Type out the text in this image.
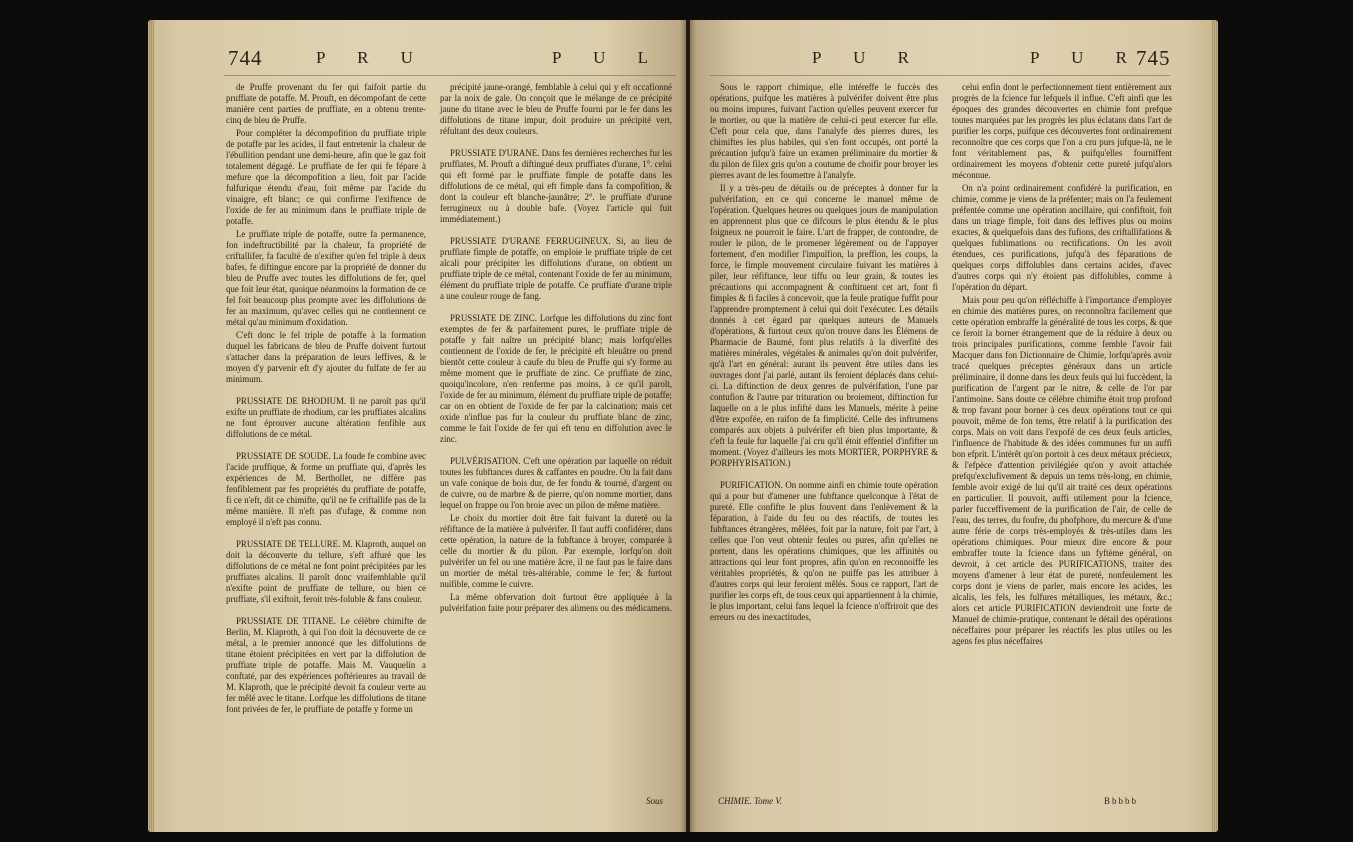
744	P R U	P U L

de Pruffe provenant du fer qui faifoit partie du pruffiate de potaffe. M. Prouft, en décompofant de cette manière cent parties de pruffiate, en a obtenu trente-cinq de bleu de Pruffe.

Pour compléter la décompofition du pruffiate triple de potaffe par les acides, il faut entretenir la chaleur de l'ébullition pendant une demi-heure, afin que le gaz foit totalement dégagé. Le pruffiate de fer qui fe fépare à mefure que la décompofition a lieu, foit par l'acide fulfurique étendu d'eau, foit même par l'acide du vinaigre, eft blanc; ce qui confirme l'exiftence de l'oxide de fer au minimum dans le pruffiate triple de potaffe.

Le pruffiate triple de potaffe, outre fa permanence, fon indeftructibilité par la chaleur, fa propriété de criftallifer, fa faculté de n'exifter qu'en fel triple à deux bafes, fe diftingue encore par la propriété de donner du bleu de Pruffe avec toutes les diffolutions de fer, quel que foit leur état, quoique néanmoins la formation de ce fel foit beaucoup plus prompte avec les diffolutions de fer au maximum, qu'avec celles qui ne contiennent ce métal qu'au minimum d'oxidation.

C'eft donc le fel triple de potaffe à la formation duquel les fabricans de bleu de Pruffe doivent furtout s'attacher dans la préparation de leurs leffives, & le moyen d'y parvenir eft d'y ajouter du fulfate de fer au minimum.

PRUSSIATE DE RHODIUM. Il ne paroît pas qu'il exifte un pruffiate de rhodium, car les pruffiates alcalins ne font éprouver aucune altération fenfible aux diffolutions de ce métal.

PRUSSIATE DE SOUDE. La foude fe combine avec l'acide pruffique, & forme un pruffiate qui, d'après les expériences de M. Berthollet, ne diffère pas fenfiblement par fes propriétés du pruffiate de potaffe, fi ce n'eft, dit ce chimifte, qu'il ne fe criftallife pas de la même manière. Il n'eft pas d'ufage, & comme non employé il n'eft pas connu.

PRUSSIATE DE TELLURE. M. Klaproth, auquel on doit la découverte du tellure, s'eft affuré que les diffolutions de ce métal ne font point précipitées par les pruffiates alcalins. Il paroît donc vraifemblable qu'il n'exifte point de pruffiate de tellure, ou bien ce pruffiate, s'il exiftoit, feroit très-foluble & fans couleur.

PRUSSIATE DE TITANE. Le célèbre chimifte de Berlin, M. Klaproth, à qui l'on doit la découverte de ce métal, a le premier annoncé que les diffolutions de titane étoient précipitées en vert par la diffolution de pruffiate triple de potaffe. Mais M. Vauquelin a conftaté, par des expériences poftérieures au travail de M. Klaproth, que le précipité devoit fa couleur verte au fer mêlé avec le titane. Lorfque les diffolutions de titane font privées de fer, le pruffiate de potaffe y forme un

précipité jaune-orangé, femblable à celui qui y eft occafionné par la noix de gale. On conçoit que le mélange de ce précipité jaune du titane avec le bleu de Pruffe fourni par le fer dans les diffolutions de titane impur, doit produire un précipité vert, réfultant des deux couleurs.

PRUSSIATE D'URANE. Dans fes dernières recherches fur les pruffiates, M. Prouft a diftingué deux pruffiates d'urane, 1°. celui qui eft formé par le pruffiate fimple de potaffe dans les diffolutions de ce métal, qui eft fimple dans fa compofition, & dont la couleur eft blanche-jaunâtre; 2°. le pruffiate d'urane ferrugineux ou à double bafe. (Voyez l'article qui fuit immédiatement.)

PRUSSIATE D'URANE FERRUGINEUX. Si, au lieu de pruffiate fimple de potaffe, on emploie le pruffiate triple de cet alcali pour précipiter les diffolutions d'urane, on obtient un pruffiate triple de ce métal, contenant l'oxide de fer au minimum, élément du pruffiate triple de potaffe. Ce pruffiate d'urane triple a une couleur rouge de fang.

PRUSSIATE DE ZINC. Lorfque les diffolutions du zinc font exemptes de fer & parfaitement pures, le pruffiate triple de potaffe y fait naître un précipité blanc; mais lorfqu'elles contiennent de l'oxide de fer, le précipité eft bleuâtre ou prend bientôt cette couleur à caufe du bleu de Pruffe qui s'y forme au même moment que le pruffiate de zinc. Ce pruffiate de zinc, quoiqu'incolore, n'en renferme pas moins, à ce qu'il paroît, l'oxide de fer au minimum, élément du pruffiate triple de potaffe; car on en obtient de l'oxide de fer par la calcination; mais cet oxide n'influe pas fur la couleur du pruffiate blanc de zinc, comme le fait l'oxide de fer qui eft tenu en diffolution avec le zinc.

PULVÉRISATION. C'eft une opération par laquelle on réduit toutes les fubftances dures & caffantes en poudre. On la fait dans un vafe conique de bois dur, de fer fondu & tourné, d'argent ou de cuivre, ou de marbre & de pierre, qu'on nomme mortier, dans lequel on frappe ou l'on broie avec un pilon de même matière.

Le choix du mortier doit être fait fuivant la dureté ou la réfiftance de la matière à pulvérifer. Il faut auffi confidérer, dans cette opération, la nature de la fubftance à broyer, comparée à celle du mortier & du pilon. Par exemple, lorfqu'on doit pulvérifer un fel ou une matière âcre, il ne faut pas le faire dans un mortier de métal très-altérable, comme le fer; & furtout nuifible, comme le cuivre.

La même obfervation doit furtout être appliquée à la pulvérifation faite pour préparer des alimens ou des médicamens.

Sous
P U R	P U R
745

Sous le rapport chimique, elle intéreffe le fuccès des opérations, puifque les matières à pulvérifer doivent être plus ou moins impures, fuivant l'action qu'elles peuvent exercer fur le mortier, ou que la matière de celui-ci peut exercer fur elle. C'eft pour cela que, dans l'analyfe des pierres dures, les chimiftes les plus habiles, qui s'en font occupés, ont porté la précaution jufqu'à faire un examen préliminaire du mortier & du pilon de filex gris qu'on a coutume de choifir pour broyer les pierres avant de les foumettre à l'analyfe.

Il y a très-peu de détails ou de préceptes à donner fur la pulvérifation, en ce qui concerne le manuel même de l'opération. Quelques heures ou quelques jours de manipulation en apprennent plus que ce difcours le plus étendu & le plus foigneux ne pourroit le faire. L'art de frapper, de contondre, de rouler le pilon, de le promener légèrement ou de l'appuyer fortement, d'en modifier l'impulfion, la preffion, les coups, la force, le fimple mouvement circulaire fuivant les matières à piler, leur réfiftance, leur tiffu ou leur grain, & toutes les précautions qui accompagnent & conftituent cet art, font fi fimples & fi faciles à concevoir, que la feule pratique fuffit pour l'apprendre promptement à celui qui doit l'exécuter. Les détails donnés à cet égard par quelques auteurs de Manuels d'opérations, & furtout ceux qu'on trouve dans les Élémens de Pharmacie de Baumé, font plus relatifs à la diverfité des matières minérales, végétales & animales qu'on doit pulvérifer, qu'à l'art en général: aurant ils peuvent être utiles dans les ouvrages dont j'ai parlé, autant ils feroient déplacés dans celui-ci. La diftinction de deux genres de pulvérifation, l'une par contufion & l'autre par trituration ou broiement, diftinction fur laquelle on a le plus infifté dans les Manuels, mérite à peine d'être expofée, en raifon de fa fimplicité. Celle des inftrumens comparés aux objets à pulvérifer eft bien plus importante, & c'eft la feule fur laquelle j'ai cru qu'il étoit effentiel d'infifter un moment. (Voyez d'ailleurs les mots MORTIER, PORPHYRE & PORPHYRISATION.)

PURIFICATION. On nomme ainfi en chimie toute opération qui a pour but d'amener une fubftance quelconque à l'état de pureté. Elle confifte le plus fouvent dans l'enlèvement & la féparation, à l'aide du feu ou des réactifs, de toutes les fubftances étrangères, mêlées, foit par la nature, foit par l'art, à celles que l'on veut obtenir feules ou pures, afin qu'elles ne portent, dans les opérations chimiques, que les affinités ou attractions qui leur font propres, afin qu'on en reconnoiffe les véritables propriétés, & qu'on ne puiffe pas les attribuer à d'autres corps qui leur feroient mêlés. Sous ce rapport, l'art de purifier les corps eft, de tous ceux qui appartiennent à la chimie, le plus important, celui fans lequel la fcience n'offriroit que des erreurs ou des inexactitudes,

CHIMIE. Tome V.

celui enfin dont le perfectionnement tient entièrement aux progrès de la fcience fur lefquels il influe. C'eft ainfi que les époques des grandes découvertes en chimie font prefque toutes marquées par les progrès les plus éclatans dans l'art de purifier les corps, puifque ces découvertes font ordinairement reconnoître que ces corps que l'on a cru purs jufque-là, ne le font véritablement pas, & puifqu'elles fourniffent ordinairement les moyens d'obtenir cette pureté jufqu'alors méconnue.

On n'a point ordinairement confidéré la purification, en chimie, comme je viens de la préfenter; mais on l'a feulement préfentée comme une opération ancillaire, qui confiftoit, foit dans un triage fimple, foit dans des leffives plus ou moins exactes, & quelquefois dans des fufions, des criftallifations & quelques fublimations ou rectifications. On les avoit étendues, ces purifications, jufqu'à des féparations de quelques corps diffolubles dans certains acides, d'avec d'autres corps qui n'y étoient pas diffolubles, comme à l'opération du départ.

Mais pour peu qu'on réfléchiffe à l'importance d'employer en chimie des matières pures, on reconnoîtra facilement que cette opération embraffe la généralité de tous les corps, & que ce feroit la borner étrangement que de la réduire à deux ou trois principales purifications, comme femble l'avoir fait Macquer dans fon Dictionnaire de Chimie, lorfqu'après avoir tracé quelques préceptes généraux dans un article préliminaire, il donne dans les deux feuls qui lui fuccèdent, la purification de l'argent par le nitre, & celle de l'or par l'antimoine. Sans doute ce célèbre chimifte étoit trop profond & trop favant pour borner à ces deux opérations tout ce qui pouvoit, même de fon tems, être relatif à la purification des corps. Mais on voit dans l'expofé de ces deux feuls articles, l'influence de l'habitude & des idées communes fur un auffi bon efprit. L'intérêt qu'on portoit à ces deux métaux précieux, & l'efpèce d'attention privilégiée qu'on y avoit attachée prefqu'exclufivement & depuis un tems très-long, en chimie, femble avoir exigé de lui qu'il ait traité ces deux opérations en particulier. Il pouvoit, auffi utilement pour la fcience, parler fucceffivement de la purification de l'air, de celle de l'eau, des terres, du foufre, du phofphore, du mercure & d'une autre férie de corps très-employés & très-utiles dans les opérations chimiques. Pour mieux dire encore & pour embraffer toute la fcience dans un fyftème général, on devroit, à cet article des PURIFICATIONS, traiter des moyens d'amener à leur état de pureté, nonfeulement les corps dont je viens de parler, mais encore les acides, les alcalis, les fels, les fulfures métalliques, les métaux, &c.; alors cet article PURIFICATION deviendroit une forte de Manuel de chimie-pratique, contenant le détail des opérations néceffaires pour préparer les réactifs les plus utiles ou les agens fes plus néceffaires

Bbbbb
